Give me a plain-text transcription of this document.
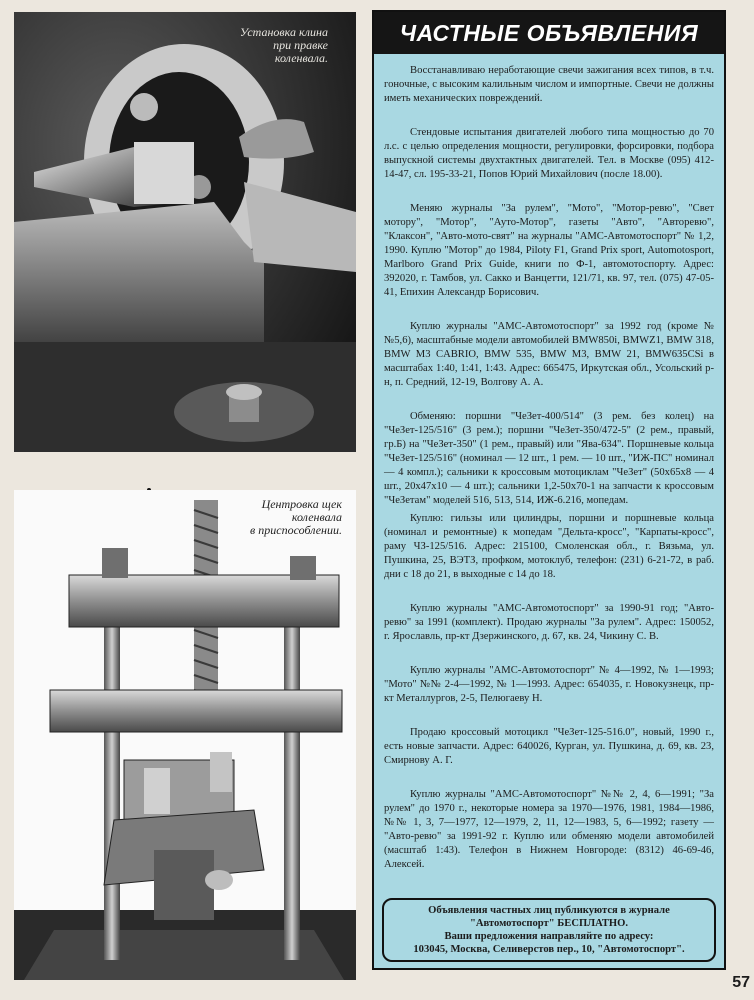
Установка клина
при правке
коленвала.
Центровка щек
коленвала
в приспособлении.
ЧАСТНЫЕ ОБЪЯВЛЕНИЯ

Восстанавливаю неработающие свечи зажигания всех типов, в т.ч. гоночные, с высоким калильным числом и импортные. Свечи не должны иметь механических повреждений.

Стендовые испытания двигателей любого типа мощностью до 70 л.с. с целью определения мощности, регулировки, форсировки, подбора выпускной системы двухтактных двигателей. Тел. в Москве (095) 412-14-47, сл. 195-33-21, Попов Юрий Михайлович (после 18.00).

Меняю журналы "За рулем", "Мото", "Мотор-ревю", "Свет мотору", "Мотор", "Ауто-Мотор", газеты "Авто", "Авторевю", "Клаксон", "Авто-мото-свят" на журналы "АМС-Автомотоспорт" № 1,2, 1990. Куплю "Мотор" до 1984, Piloty F1, Grand Prix sport, Automotosport, Marlboro Grand Prix Guide, книги по Ф-1, автомотоспорту. Адрес: 392020, г. Тамбов, ул. Сакко и Ванцетти, 121/71, кв. 97, тел. (075) 47-05-41, Епихин Александр Борисович.

Куплю журналы "АМС-Автомотоспорт" за 1992 год (кроме №№5,6), масштабные модели автомобилей BMW850i, BMWZ1, BMW 318, BMW M3 CABRIO, BMW 535, BMW M3, BMW 21, BMW635CSi в масштабах 1:40, 1:41, 1:43. Адрес: 665475, Иркутская обл., Усольский р-н, п. Средний, 12-19, Волгову А. А.

Обменяю: поршни "ЧеЗет-400/514" (3 рем. без колец) на "ЧеЗет-125/516" (3 рем.); поршни "ЧеЗет-350/472-5" (2 рем., правый, гр.Б) на "ЧеЗет-350" (1 рем., правый) или "Ява-634". Поршневые кольца "ЧеЗет-125/516" (номинал — 12 шт., 1 рем. — 10 шт., "ИЖ-ПС" номинал — 4 компл.); сальники к кроссовым мотоциклам "ЧеЗет" (50x65x8 — 4 шт., 20x47x10 — 4 шт.); сальники 1,2-50x70-1 на запчасти к кроссовым "ЧеЗетам" моделей 516, 513, 514, ИЖ-6.216, мопедам.

Куплю: гильзы или цилиндры, поршни и поршневые кольца (номинал и ремонтные) к мопедам "Дельта-кросс", "Карпаты-кросс", раму ЧЗ-125/516. Адрес: 215100, Смоленская обл., г. Вязьма, ул. Пушкина, 25, ВЭТЗ, профком, мотоклуб, телефон: (231) 6-21-72, в раб. дни с 18 до 21, в выходные с 14 до 18.

Куплю журналы "АМС-Автомотоспорт" за 1990-91 год; "Авто-ревю" за 1991 (комплект). Продаю журналы "За рулем". Адрес: 150052, г. Ярославль, пр-кт Дзержинского, д. 67, кв. 24, Чикину С. В.

Куплю журналы "АМС-Автомотоспорт" № 4—1992, № 1—1993; "Мото" №№ 2-4—1992, № 1—1993. Адрес: 654035, г. Новокузнецк, пр-кт Металлургов, 2-5, Пелюгаеву Н.

Продаю кроссовый мотоцикл "ЧеЗет-125-516.0", новый, 1990 г., есть новые запчасти. Адрес: 640026, Курган, ул. Пушкина, д. 69, кв. 23, Смирнову А. Г.

Куплю журналы "АМС-Автомотоспорт" №№ 2, 4, 6—1991; "За рулем" до 1970 г., некоторые номера за 1970—1976, 1981, 1984—1986, №№ 1, 3, 7—1977, 12—1979, 2, 11, 12—1983, 5, 6—1992; газету — "Авто-ревю" за 1991-92 г. Куплю или обменяю модели автомобилей (масштаб 1:43). Телефон в Нижнем Новгороде: (8312) 46-69-46, Алексей.

Объявления частных лиц публикуются в журнале
"Автомотоспорт" БЕСПЛАТНО.
Ваши предложения направляйте по адресу:
103045, Москва, Селиверстов пер., 10, "Автомотоспорт".
57
